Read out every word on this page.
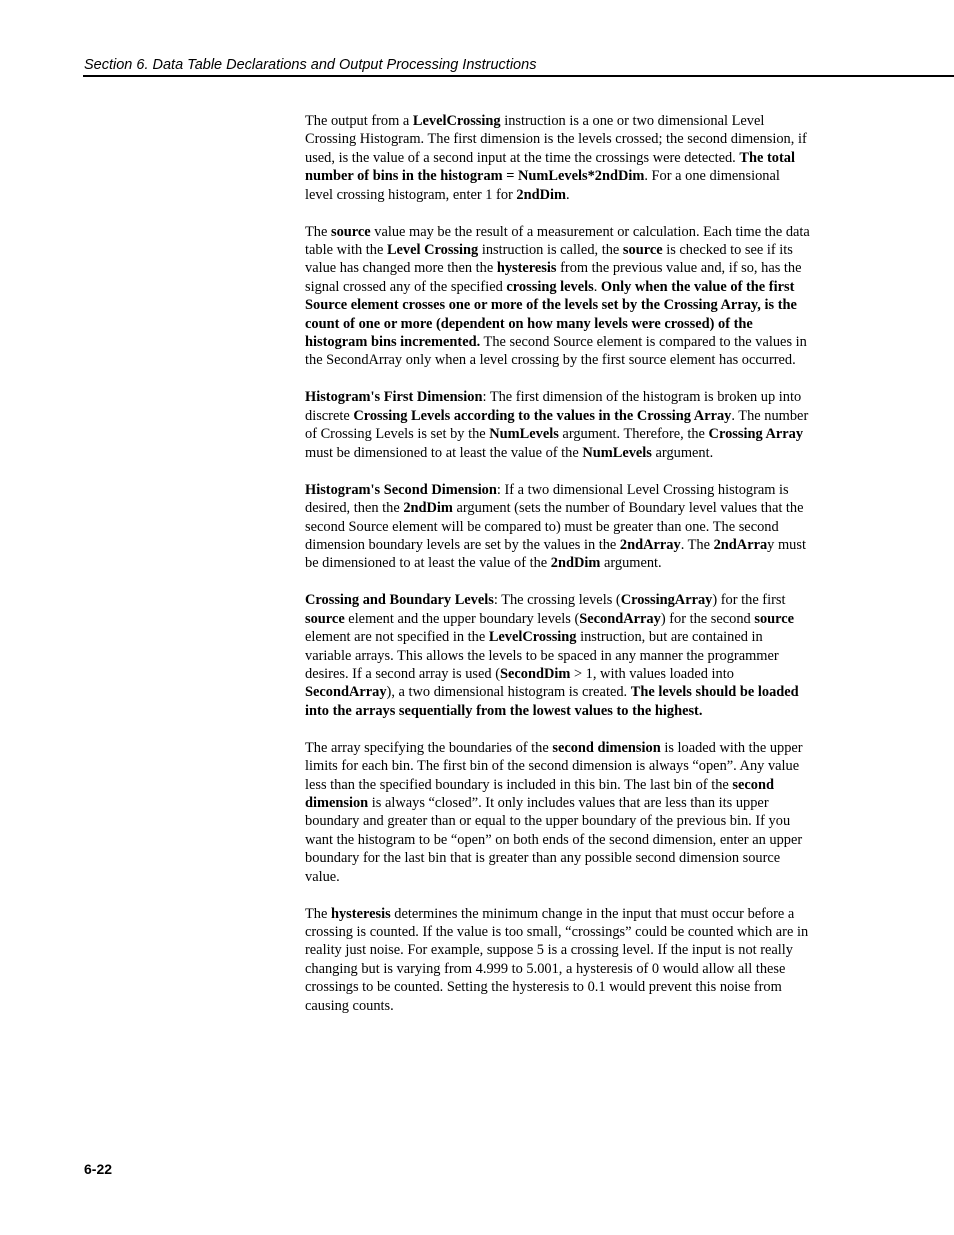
Section 6. Data Table Declarations and Output Processing Instructions

The output from a LevelCrossing instruction is a one or two dimensional Level Crossing Histogram. The first dimension is the levels crossed; the second dimension, if used, is the value of a second input at the time the crossings were detected. The total number of bins in the histogram = NumLevels*2ndDim. For a one dimensional level crossing histogram, enter 1 for 2ndDim.

The source value may be the result of a measurement or calculation. Each time the data table with the Level Crossing instruction is called, the source is checked to see if its value has changed more then the hysteresis from the previous value and, if so, has the signal crossed any of the specified crossing levels. Only when the value of the first Source element crosses one or more of the levels set by the Crossing Array, is the count of one or more (dependent on how many levels were crossed) of the histogram bins incremented. The second Source element is compared to the values in the SecondArray only when a level crossing by the first source element has occurred.

Histogram's First Dimension: The first dimension of the histogram is broken up into discrete Crossing Levels according to the values in the Crossing Array. The number of Crossing Levels is set by the NumLevels argument. Therefore, the Crossing Array must be dimensioned to at least the value of the NumLevels argument.

Histogram's Second Dimension: If a two dimensional Level Crossing histogram is desired, then the 2ndDim argument (sets the number of Boundary level values that the second Source element will be compared to) must be greater than one. The second dimension boundary levels are set by the values in the 2ndArray. The 2ndArray must be dimensioned to at least the value of the 2ndDim argument.

Crossing and Boundary Levels: The crossing levels (CrossingArray) for the first source element and the upper boundary levels (SecondArray) for the second source element are not specified in the LevelCrossing instruction, but are contained in variable arrays. This allows the levels to be spaced in any manner the programmer desires. If a second array is used (SecondDim > 1, with values loaded into SecondArray), a two dimensional histogram is created. The levels should be loaded into the arrays sequentially from the lowest values to the highest.

The array specifying the boundaries of the second dimension is loaded with the upper limits for each bin. The first bin of the second dimension is always “open”. Any value less than the specified boundary is included in this bin. The last bin of the second dimension is always “closed”. It only includes values that are less than its upper boundary and greater than or equal to the upper boundary of the previous bin. If you want the histogram to be “open” on both ends of the second dimension, enter an upper boundary for the last bin that is greater than any possible second dimension source value.

The hysteresis determines the minimum change in the input that must occur before a crossing is counted. If the value is too small, “crossings” could be counted which are in reality just noise. For example, suppose 5 is a crossing level. If the input is not really changing but is varying from 4.999 to 5.001, a hysteresis of 0 would allow all these crossings to be counted. Setting the hysteresis to 0.1 would prevent this noise from causing counts.

6-22
